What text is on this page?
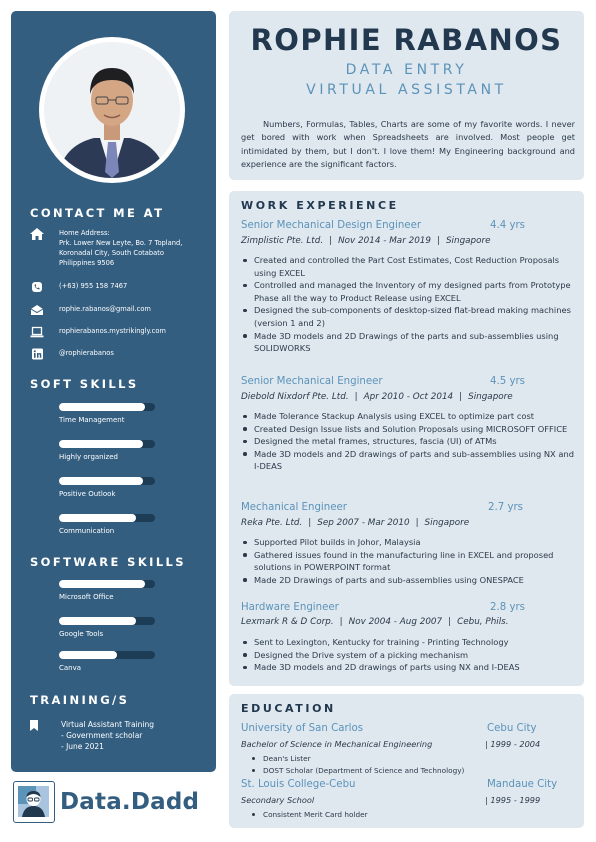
CONTACT ME AT
Home Address:
Prk. Lower New Leyte, Bo. 7 Topland,
Koronadal City, South Cotabato
Philippines 9506
(+63) 955 158 7467
rophie.rabanos@gmail.com
rophierabanos.mystrikingly.com
@rophierabanos
SOFT SKILLS
Time Management
Highly organized
Positive Outlook
Communication
SOFTWARE SKILLS
Microsoft Office
Google Tools
Canva
TRAINING/S
Virtual Assistant Training
- Government scholar
- June 2021
Data.Dadd
ROPHIE RABANOS
DATA ENTRY
VIRTUAL ASSISTANT
Numbers, Formulas, Tables, Charts are some of my favorite words. I never get bored with work when Spreadsheets are involved. Most people get intimidated by them, but I don't. I love them! My Engineering background and experience are the significant factors.
WORK EXPERIENCE
Senior Mechanical Design Engineer	4.4 yrs
Zimplistic Pte. Ltd. | Nov 2014 - Mar 2019 | Singapore
Created and controlled the Part Cost Estimates, Cost Reduction Proposals using EXCEL
Controlled and managed the Inventory of my designed parts from Prototype Phase all the way to Product Release using EXCEL
Designed the sub-components of desktop-sized flat-bread making machines (version 1 and 2)
Made 3D models and 2D Drawings of the parts and sub-assemblies using SOLIDWORKS
Senior Mechanical Engineer	4.5 yrs
Diebold Nixdorf Pte. Ltd. | Apr 2010 - Oct 2014 | Singapore
Made Tolerance Stackup Analysis using EXCEL to optimize part cost
Created Design Issue lists and Solution Proposals using MICROSOFT OFFICE
Designed the metal frames, structures, fascia (UI) of ATMs
Made 3D models and 2D drawings of parts and sub-assemblies using NX and I-DEAS
Mechanical Engineer	2.7 yrs
Reka Pte. Ltd. | Sep 2007 - Mar 2010 | Singapore
Supported Pilot builds in Johor, Malaysia
Gathered issues found in the manufacturing line in EXCEL and proposed solutions in POWERPOINT format
Made 2D Drawings of parts and sub-assemblies using ONESPACE
Hardware Engineer	2.8 yrs
Lexmark R & D Corp. | Nov 2004 - Aug 2007 | Cebu, Phils.
Sent to Lexington, Kentucky for training - Printing Technology
Designed the Drive system of a picking mechanism
Made 3D models and 2D drawings of parts using NX and I-DEAS
EDUCATION
University of San Carlos	Cebu City
Bachelor of Science in Mechanical Engineering	| 1999 - 2004
Dean's Lister
DOST Scholar (Department of Science and Technology)
St. Louis College-Cebu	Mandaue City
Secondary School	| 1995 - 1999
Consistent Merit Card holder
